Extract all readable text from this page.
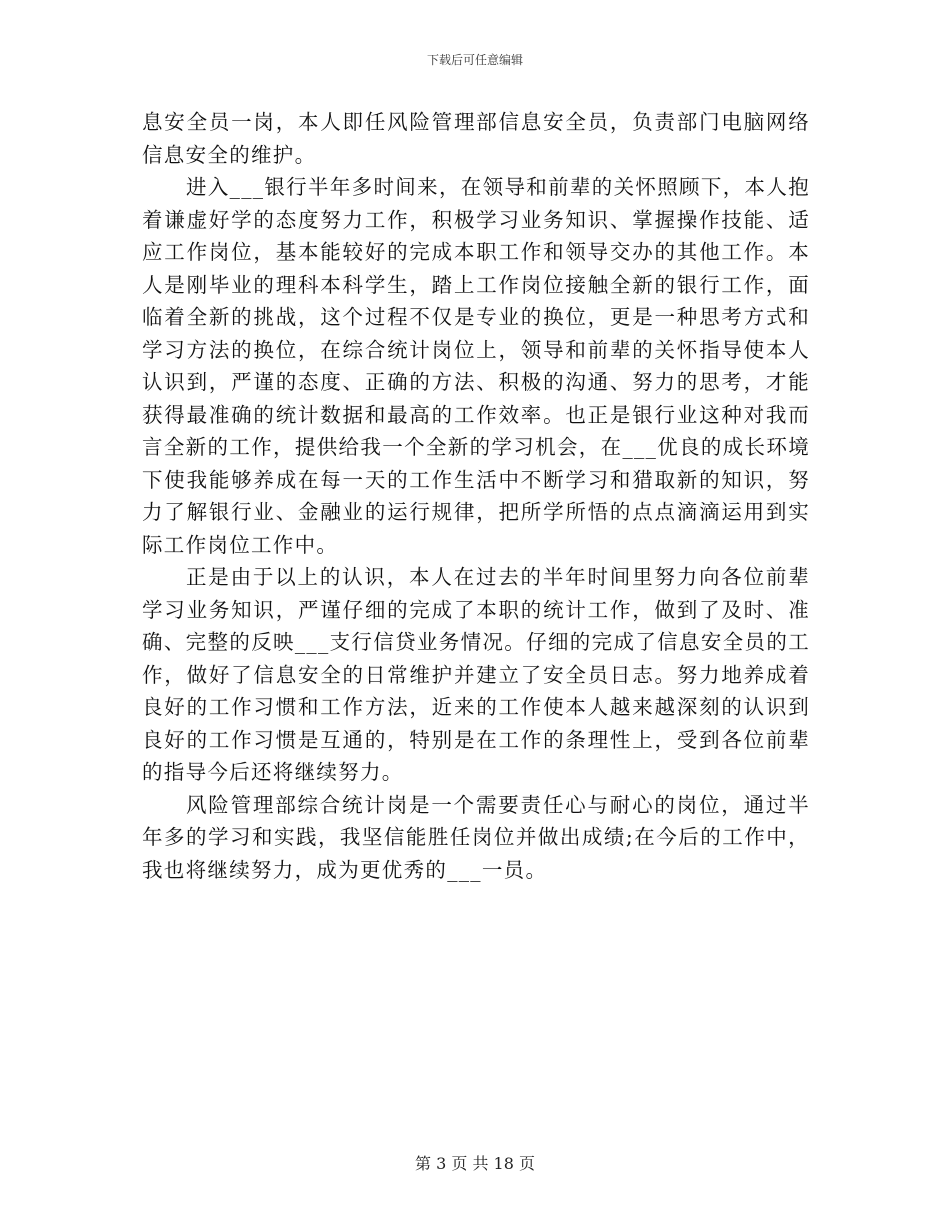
下载后可任意编辑

息安全员一岗，本人即任风险管理部信息安全员，负责部门电脑网络信息安全的维护。

进入___银行半年多时间来，在领导和前辈的关怀照顾下，本人抱着谦虚好学的态度努力工作，积极学习业务知识、掌握操作技能、适应工作岗位，基本能较好的完成本职工作和领导交办的其他工作。本人是刚毕业的理科本科学生，踏上工作岗位接触全新的银行工作，面临着全新的挑战，这个过程不仅是专业的换位，更是一种思考方式和学习方法的换位，在综合统计岗位上，领导和前辈的关怀指导使本人认识到，严谨的态度、正确的方法、积极的沟通、努力的思考，才能获得最准确的统计数据和最高的工作效率。也正是银行业这种对我而言全新的工作，提供给我一个全新的学习机会，在___优良的成长环境下使我能够养成在每一天的工作生活中不断学习和猎取新的知识，努力了解银行业、金融业的运行规律，把所学所悟的点点滴滴运用到实际工作岗位工作中。

正是由于以上的认识，本人在过去的半年时间里努力向各位前辈学习业务知识，严谨仔细的完成了本职的统计工作，做到了及时、准确、完整的反映___支行信贷业务情况。仔细的完成了信息安全员的工作，做好了信息安全的日常维护并建立了安全员日志。努力地养成着良好的工作习惯和工作方法，近来的工作使本人越来越深刻的认识到良好的工作习惯是互通的，特别是在工作的条理性上，受到各位前辈的指导今后还将继续努力。

风险管理部综合统计岗是一个需要责任心与耐心的岗位，通过半年多的学习和实践，我坚信能胜任岗位并做出成绩;在今后的工作中，我也将继续努力，成为更优秀的___一员。

第 3 页 共 18 页
